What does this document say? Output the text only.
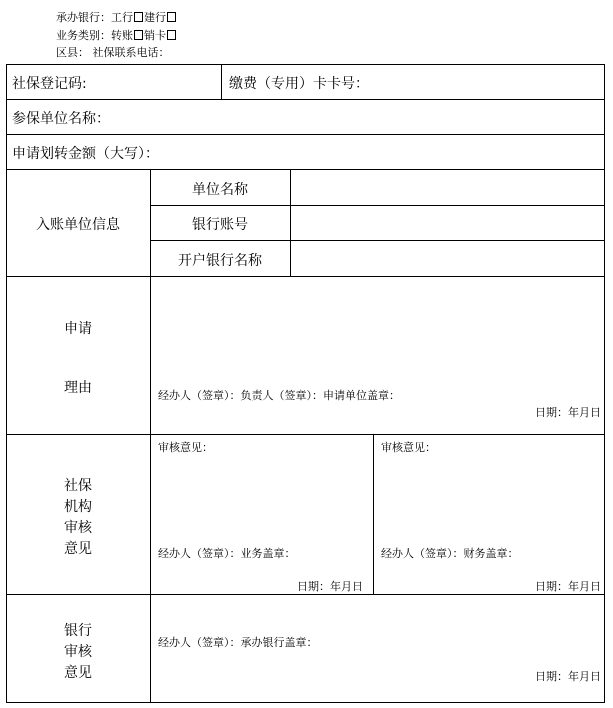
承办银行：工行 建行
业务类别：转账 销卡
区县： 社保联系电话：
社保登记码:	缴费（专用）卡卡号：
参保单位名称：
申请划转金额（大写）：
入账单位信息
单位名称
银行账号
开户银行名称
申请
理由	经办人（签章）：负责人（签章）：申请单位盖章：
日期：年月日
社保
机构
审核
意见
审核意见：
经办人（签章）：业务盖章：
日期：年月日
审核意见：
经办人（签章）：财务盖章：
日期：年月日
银行
审核
意见
经办人（签章）：承办银行盖章：
日期：年月日
